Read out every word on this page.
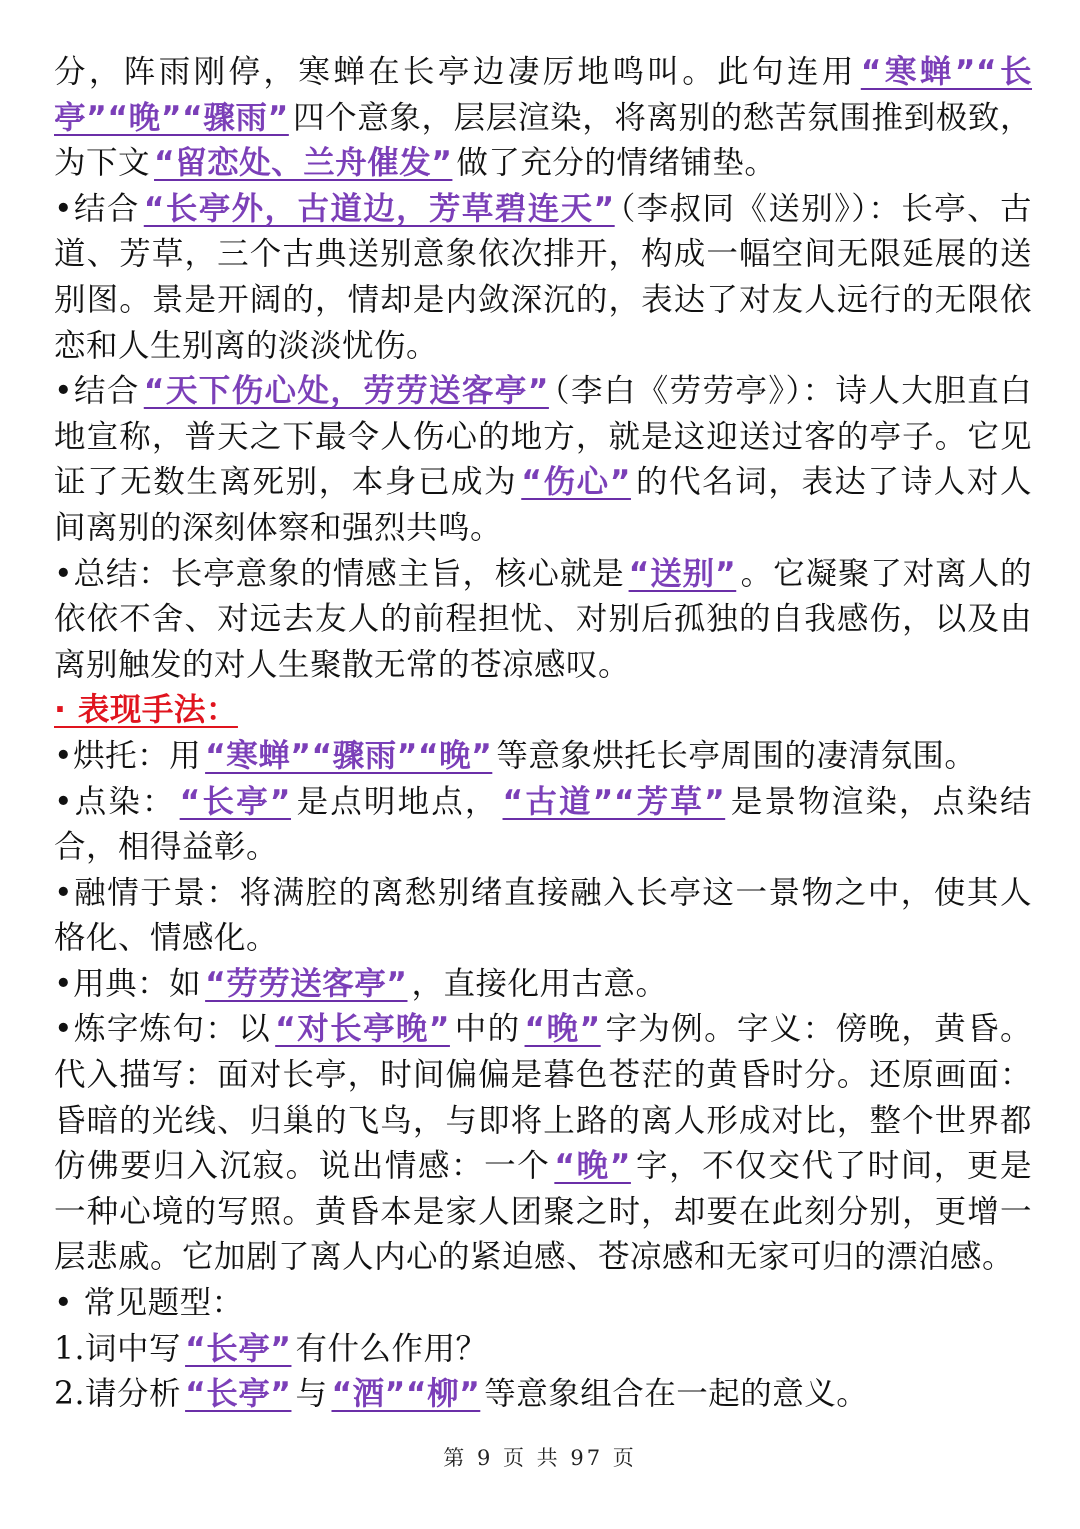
分，阵雨刚停，寒蝉在长亭边凄厉地鸣叫。此句连用 “寒蝉”“长亭”“晚”“骤雨” 四个意象，层层渲染，将离别的愁苦氛围推到极致，为下文 “留恋处、兰舟催发” 做了充分的情绪铺垫。

•结合 “长亭外，古道边，芳草碧连天” （李叔同《送别》）：长亭、古道、芳草，三个古典送别意象依次排开，构成一幅空间无限延展的送别图。景是开阔的，情却是内敛深沉的，表达了对友人远行的无限依恋和人生别离的淡淡忧伤。

•结合 “天下伤心处，劳劳送客亭” （李白《劳劳亭》）：诗人大胆直白地宣称，普天之下最令人伤心的地方，就是这迎送过客的亭子。它见证了无数生离死别，本身已成为 “伤心” 的代名词，表达了诗人对人间离别的深刻体察和强烈共鸣。

•总结：长亭意象的情感主旨，核心就是 “送别” 。它凝聚了对离人的依依不舍、对远去友人的前程担忧、对别后孤独的自我感伤，以及由离别触发的对人生聚散无常的苍凉感叹。

· 表现手法：

•烘托：用 “寒蝉”“骤雨”“晚” 等意象烘托长亭周围的凄清氛围。

•点染： “长亭” 是点明地点， “古道”“芳草” 是景物渲染，点染结合，相得益彰。

•融情于景：将满腔的离愁别绪直接融入长亭这一景物之中，使其人格化、情感化。

•用典：如 “劳劳送客亭” ，直接化用古意。

•炼字炼句：以 “对长亭晚” 中的 “晚” 字为例。字义：傍晚，黄昏。代入描写：面对长亭，时间偏偏是暮色苍茫的黄昏时分。还原画面：昏暗的光线、归巢的飞鸟，与即将上路的离人形成对比，整个世界都仿佛要归入沉寂。说出情感：一个 “晚” 字，不仅交代了时间，更是一种心境的写照。黄昏本是家人团聚之时，却要在此刻分别，更增一层悲戚。它加剧了离人内心的紧迫感、苍凉感和无家可归的漂泊感。

• 常见题型：

1.词中写 “长亭” 有什么作用？

2.请分析 “长亭” 与 “酒”“柳” 等意象组合在一起的意义。

第 9 页 共 97 页
